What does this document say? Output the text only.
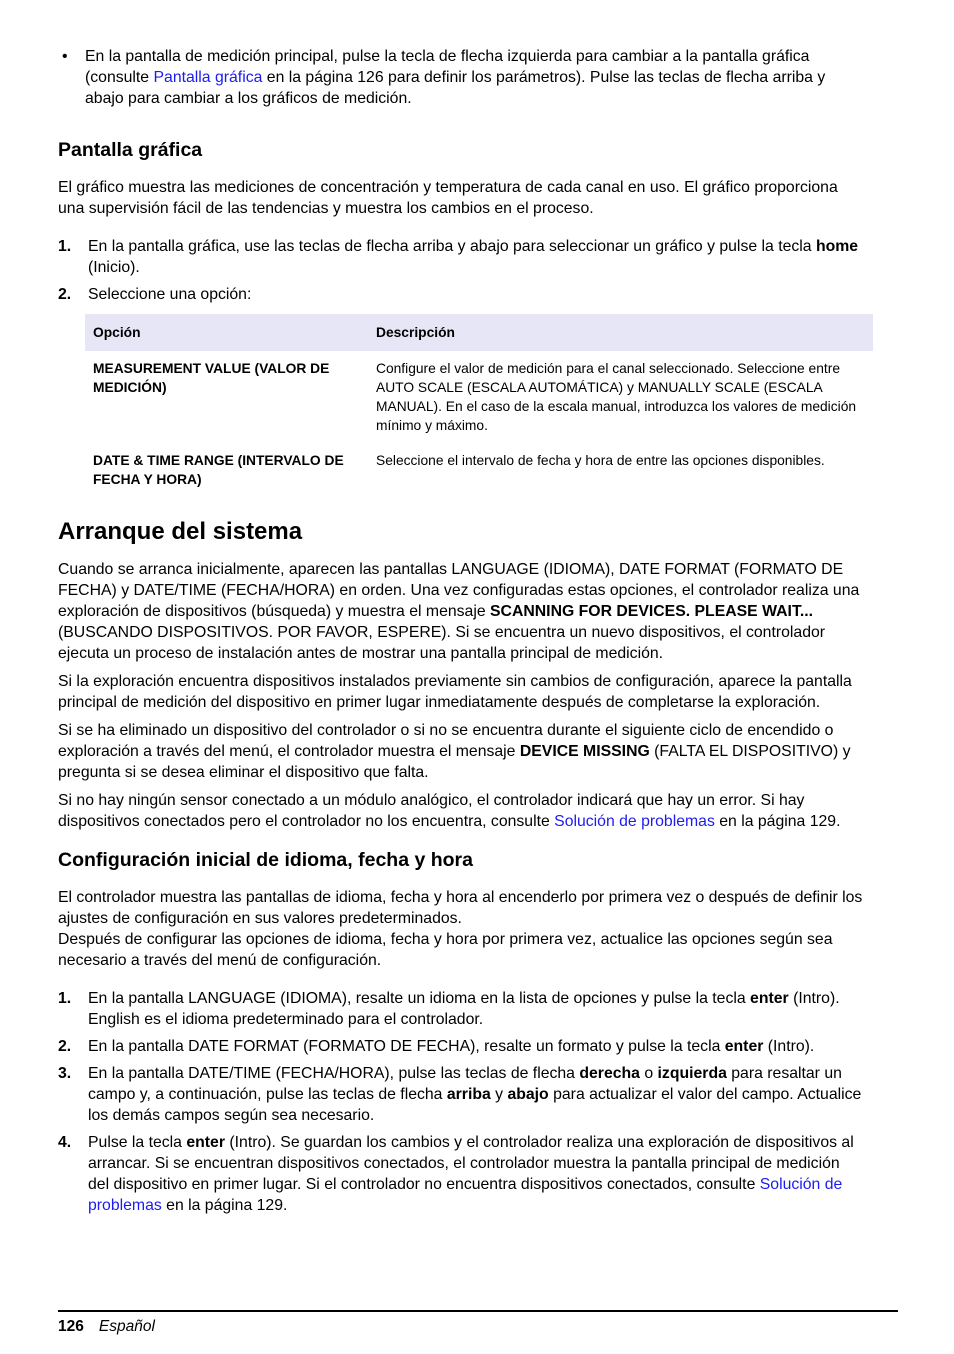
•	En la pantalla de medición principal, pulse la tecla de flecha izquierda para cambiar a la pantalla gráfica (consulte Pantalla gráfica en la página 126 para definir los parámetros). Pulse las teclas de flecha arriba y abajo para cambiar a los gráficos de medición.
Pantalla gráfica

El gráfico muestra las mediciones de concentración y temperatura de cada canal en uso. El gráfico proporciona una supervisión fácil de las tendencias y muestra los cambios en el proceso.

1.	En la pantalla gráfica, use las teclas de flecha arriba y abajo para seleccionar un gráfico y pulse la tecla home (Inicio).
2.	Seleccione una opción:
Opción	Descripción
MEASUREMENT VALUE (VALOR DE MEDICIÓN)	Configure el valor de medición para el canal seleccionado. Seleccione entre AUTO SCALE (ESCALA AUTOMÁTICA) y MANUALLY SCALE (ESCALA MANUAL). En el caso de la escala manual, introduzca los valores de medición mínimo y máximo.
DATE & TIME RANGE (INTERVALO DE FECHA Y HORA)	Seleccione el intervalo de fecha y hora de entre las opciones disponibles.
Arranque del sistema

Cuando se arranca inicialmente, aparecen las pantallas LANGUAGE (IDIOMA), DATE FORMAT (FORMATO DE FECHA) y DATE/TIME (FECHA/HORA) en orden. Una vez configuradas estas opciones, el controlador realiza una exploración de dispositivos (búsqueda) y muestra el mensaje SCANNING FOR DEVICES. PLEASE WAIT... (BUSCANDO DISPOSITIVOS. POR FAVOR, ESPERE). Si se encuentra un nuevo dispositivos, el controlador ejecuta un proceso de instalación antes de mostrar una pantalla principal de medición.

Si la exploración encuentra dispositivos instalados previamente sin cambios de configuración, aparece la pantalla principal de medición del dispositivo en primer lugar inmediatamente después de completarse la exploración.

Si se ha eliminado un dispositivo del controlador o si no se encuentra durante el siguiente ciclo de encendido o exploración a través del menú, el controlador muestra el mensaje DEVICE MISSING (FALTA EL DISPOSITIVO) y pregunta si se desea eliminar el dispositivo que falta.

Si no hay ningún sensor conectado a un módulo analógico, el controlador indicará que hay un error. Si hay dispositivos conectados pero el controlador no los encuentra, consulte Solución de problemas en la página 129.

Configuración inicial de idioma, fecha y hora

El controlador muestra las pantallas de idioma, fecha y hora al encenderlo por primera vez o después de definir los ajustes de configuración en sus valores predeterminados.

Después de configurar las opciones de idioma, fecha y hora por primera vez, actualice las opciones según sea necesario a través del menú de configuración.

1.	En la pantalla LANGUAGE (IDIOMA), resalte un idioma en la lista de opciones y pulse la tecla enter (Intro). English es el idioma predeterminado para el controlador.
2.	En la pantalla DATE FORMAT (FORMATO DE FECHA), resalte un formato y pulse la tecla enter (Intro).
3.	En la pantalla DATE/TIME (FECHA/HORA), pulse las teclas de flecha derecha o izquierda para resaltar un campo y, a continuación, pulse las teclas de flecha arriba y abajo para actualizar el valor del campo. Actualice los demás campos según sea necesario.
4.	Pulse la tecla enter (Intro). Se guardan los cambios y el controlador realiza una exploración de dispositivos al arrancar. Si se encuentran dispositivos conectados, el controlador muestra la pantalla principal de medición del dispositivo en primer lugar. Si el controlador no encuentra dispositivos conectados, consulte Solución de problemas en la página 129.
126 Español
